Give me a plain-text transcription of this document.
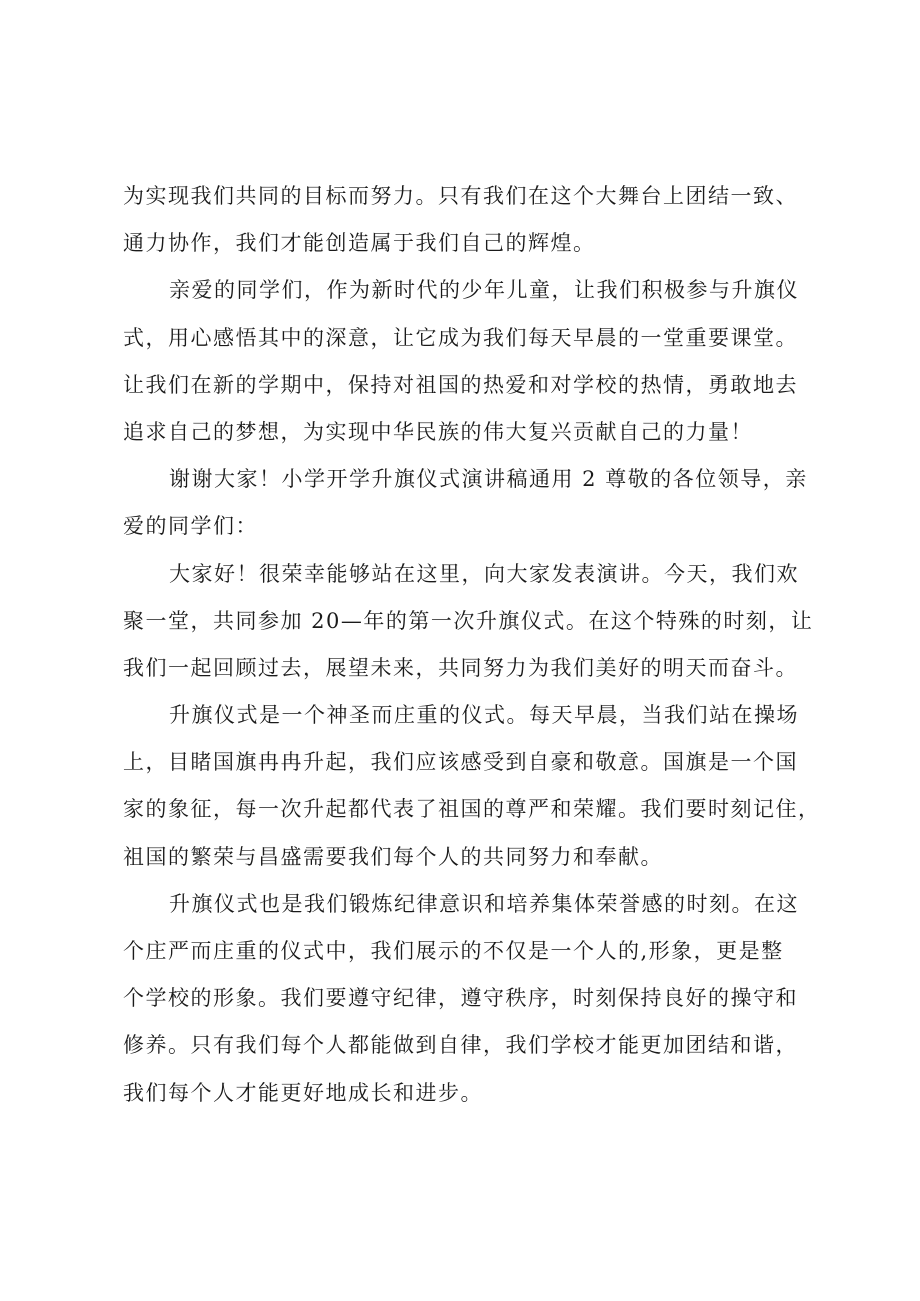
为实现我们共同的目标而努力。只有我们在这个大舞台上团结一致、
通力协作，我们才能创造属于我们自己的辉煌。
亲爱的同学们，作为新时代的少年儿童，让我们积极参与升旗仪
式，用心感悟其中的深意，让它成为我们每天早晨的一堂重要课堂。
让我们在新的学期中，保持对祖国的热爱和对学校的热情，勇敢地去
追求自己的梦想，为实现中华民族的伟大复兴贡献自己的力量！
谢谢大家！小学开学升旗仪式演讲稿通用 2 尊敬的各位领导，亲
爱的同学们：
大家好！很荣幸能够站在这里，向大家发表演讲。今天，我们欢
聚一堂，共同参加 20—年的第一次升旗仪式。在这个特殊的时刻，让
我们一起回顾过去，展望未来，共同努力为我们美好的明天而奋斗。
升旗仪式是一个神圣而庄重的仪式。每天早晨，当我们站在操场
上，目睹国旗冉冉升起，我们应该感受到自豪和敬意。国旗是一个国
家的象征，每一次升起都代表了祖国的尊严和荣耀。我们要时刻记住，
祖国的繁荣与昌盛需要我们每个人的共同努力和奉献。
升旗仪式也是我们锻炼纪律意识和培养集体荣誉感的时刻。在这
个庄严而庄重的仪式中，我们展示的不仅是一个人的,形象，更是整
个学校的形象。我们要遵守纪律，遵守秩序，时刻保持良好的操守和
修养。只有我们每个人都能做到自律，我们学校才能更加团结和谐，
我们每个人才能更好地成长和进步。
